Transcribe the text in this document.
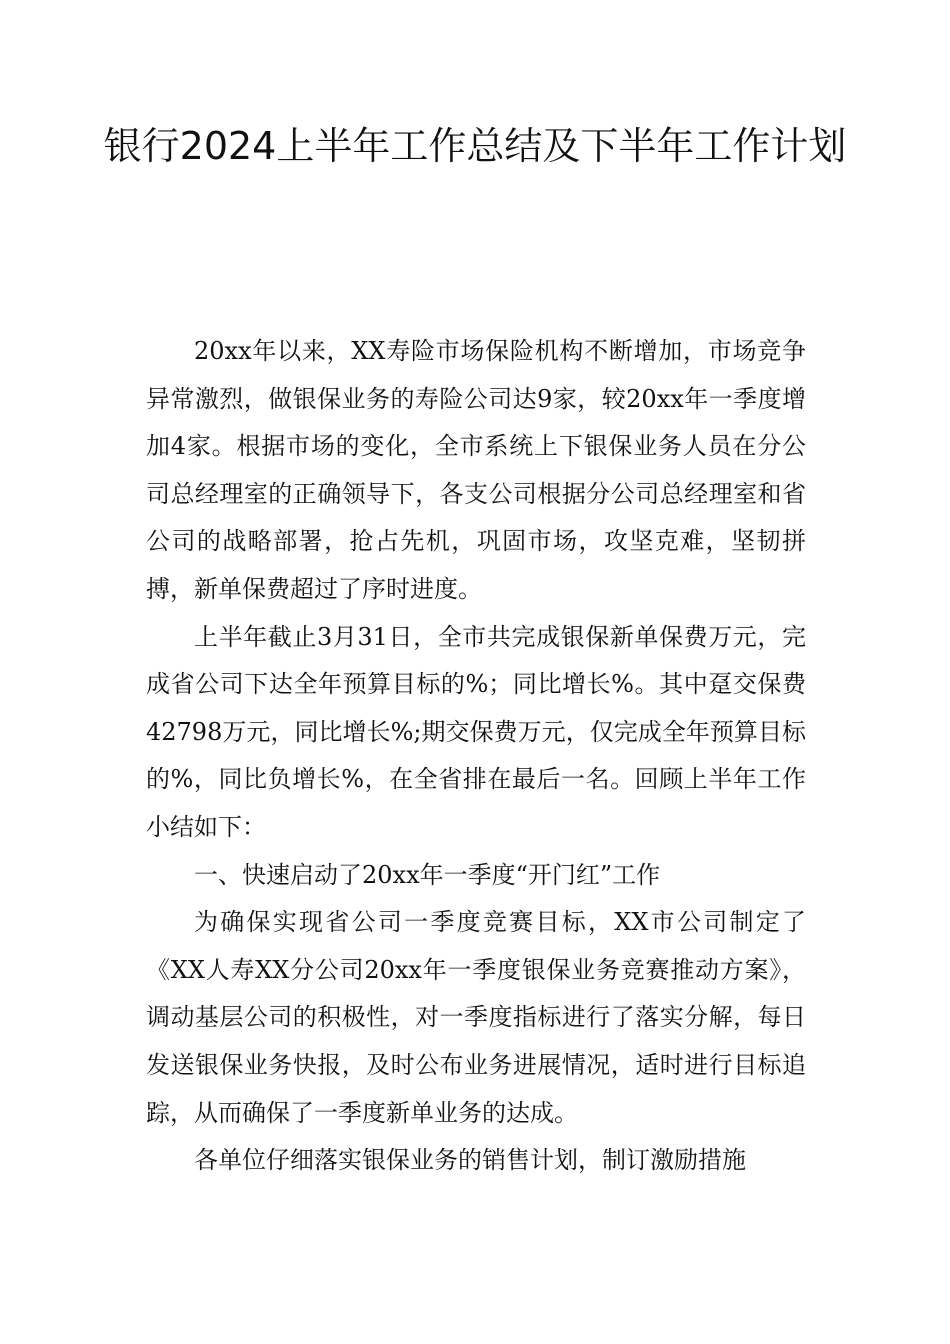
银行2024上半年工作总结及下半年工作计划

20xx年以来，XX寿险市场保险机构不断增加，市场竞争异常激烈，做银保业务的寿险公司达9家，较20xx年一季度增加4家。根据市场的变化，全市系统上下银保业务人员在分公司总经理室的正确领导下，各支公司根据分公司总经理室和省公司的战略部署，抢占先机，巩固市场，攻坚克难，坚韧拼搏，新单保费超过了序时进度。

上半年截止3月31日，全市共完成银保新单保费万元，完成省公司下达全年预算目标的%；同比增长%。其中趸交保费42798万元，同比增长%;期交保费万元，仅完成全年预算目标的%，同比负增长%，在全省排在最后一名。回顾上半年工作小结如下：

一、快速启动了20xx年一季度“开门红”工作

为确保实现省公司一季度竞赛目标，XX市公司制定了《XX人寿XX分公司20xx年一季度银保业务竞赛推动方案》，调动基层公司的积极性，对一季度指标进行了落实分解，每日发送银保业务快报，及时公布业务进展情况，适时进行目标追踪，从而确保了一季度新单业务的达成。

各单位仔细落实银保业务的销售计划，制订激励措施
